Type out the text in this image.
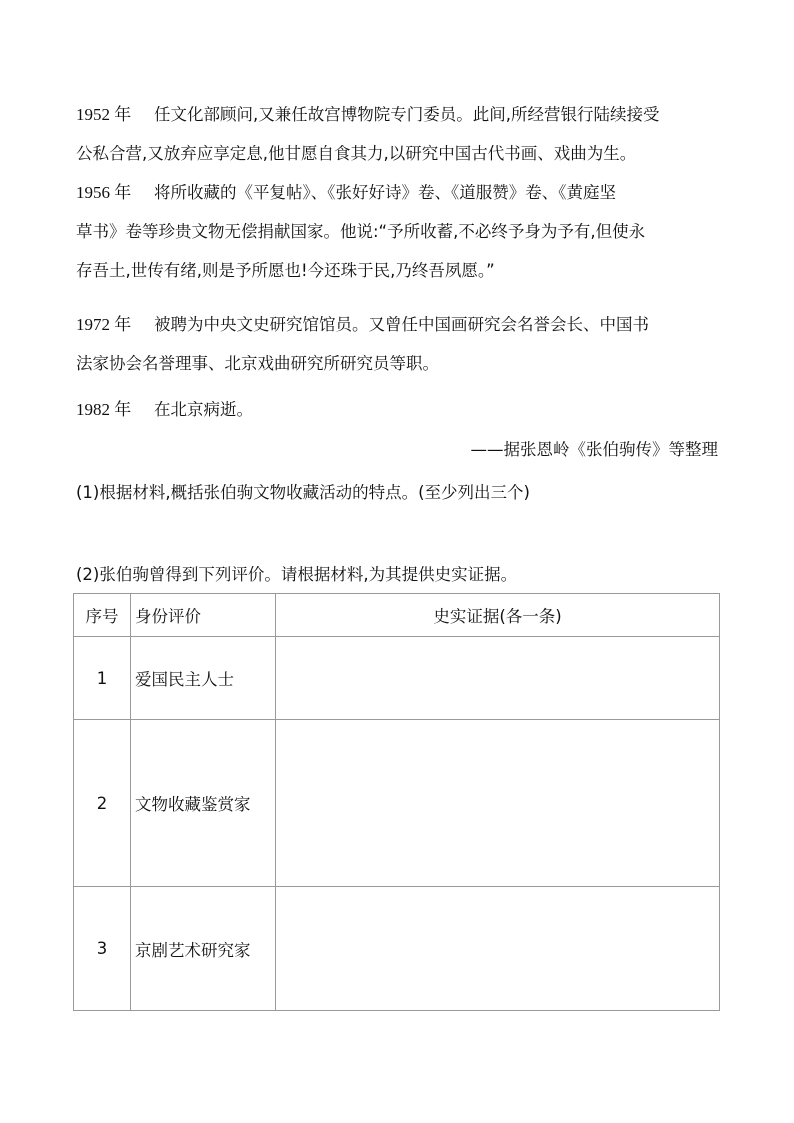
1952 年 任文化部顾问,又兼任故宫博物院专门委员。此间,所经营银行陆续接受
公私合营,又放弃应享定息,他甘愿自食其力,以研究中国古代书画、戏曲为生。
1956 年 将所收藏的《平复帖》、《张好好诗》卷、《道服赞》卷、《黄庭坚
草书》卷等珍贵文物无偿捐献国家。他说:“予所收蓄,不必终予身为予有,但使永
存吾土,世传有绪,则是予所愿也!今还珠于民,乃终吾夙愿。”
1972 年 被聘为中央文史研究馆馆员。又曾任中国画研究会名誉会长、中国书
法家协会名誉理事、北京戏曲研究所研究员等职。
1982 年 在北京病逝。
——据张恩岭《张伯驹传》等整理
(1)根据材料,概括张伯驹文物收藏活动的特点。(至少列出三个)
(2)张伯驹曾得到下列评价。请根据材料,为其提供史实证据。
序号	身份评价	史实证据(各一条)
1	爱国民主人士	
2	文物收藏鉴赏家	
3	京剧艺术研究家	
